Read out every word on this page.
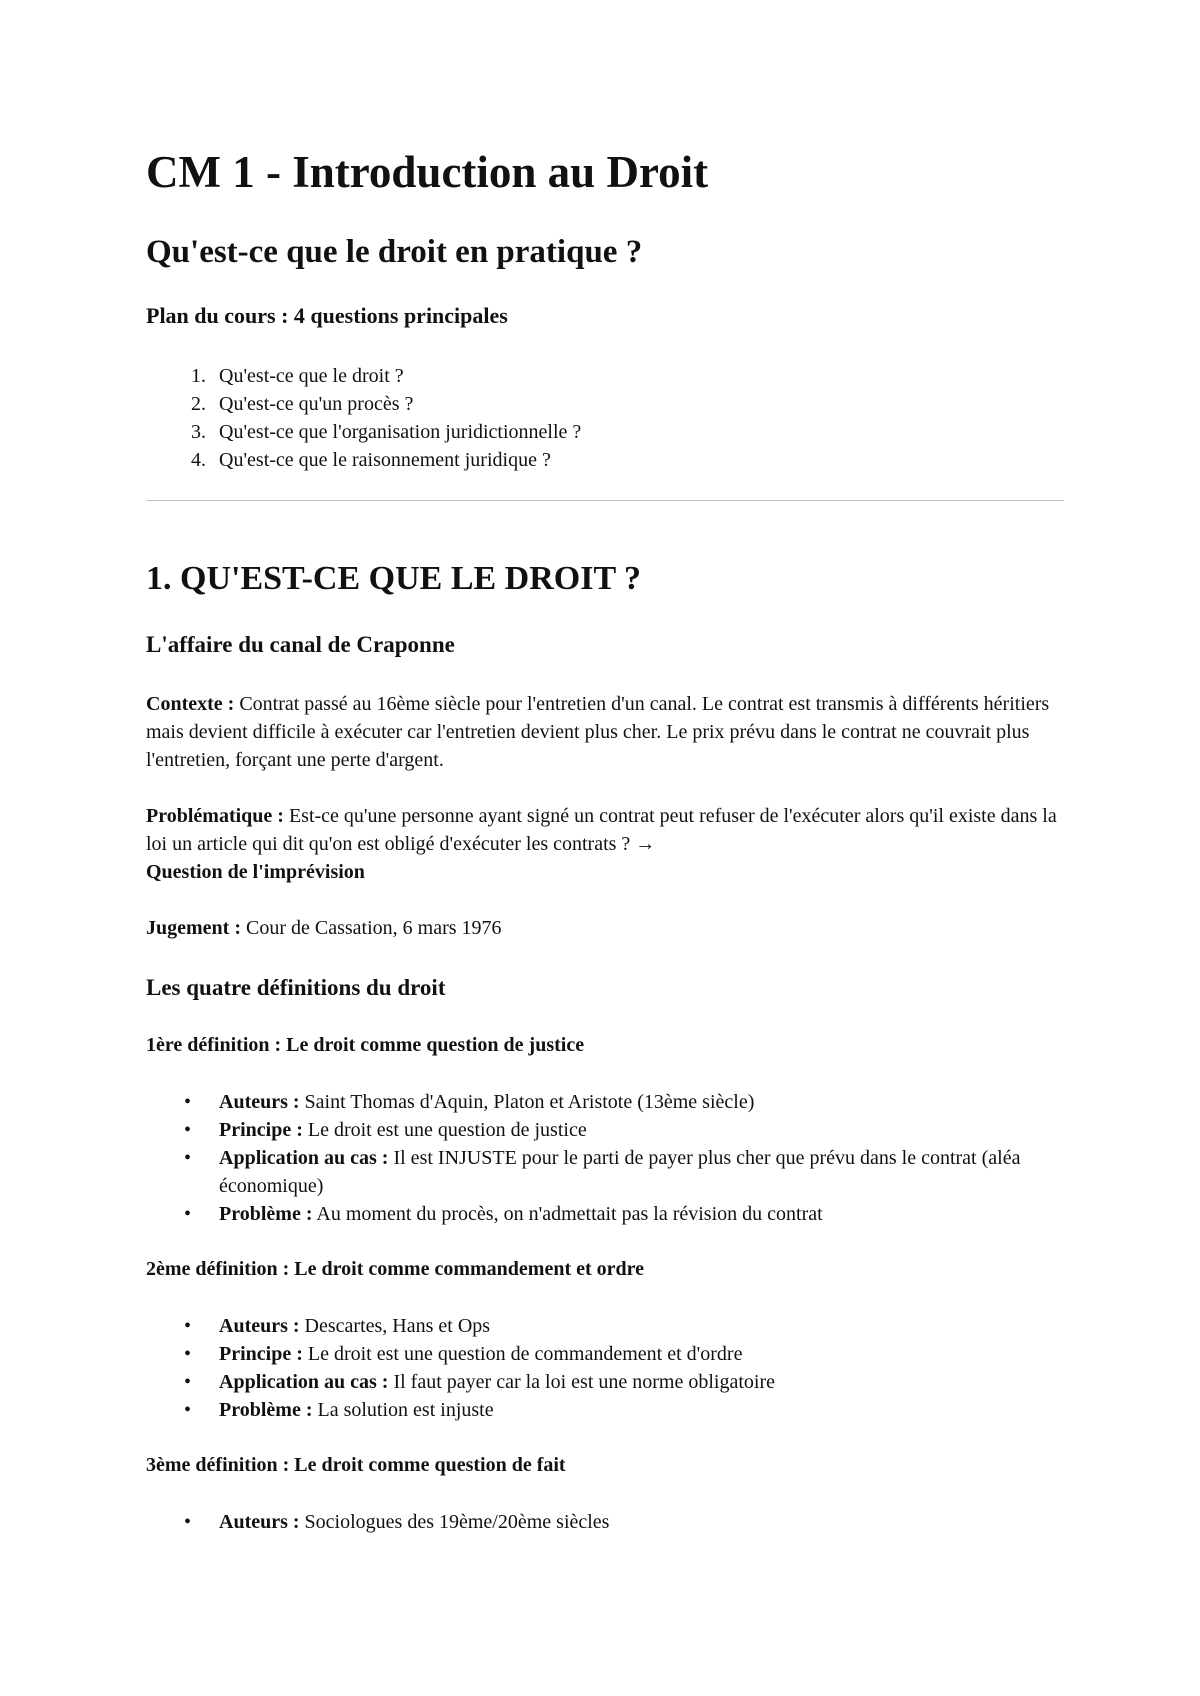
CM 1 - Introduction au Droit
Qu'est-ce que le droit en pratique ?
Plan du cours : 4 questions principales
1. Qu'est-ce que le droit ?
2. Qu'est-ce qu'un procès ?
3. Qu'est-ce que l'organisation juridictionnelle ?
4. Qu'est-ce que le raisonnement juridique ?
1. QU'EST-CE QUE LE DROIT ?
L'affaire du canal de Craponne

Contexte : Contrat passé au 16ème siècle pour l'entretien d'un canal. Le contrat est transmis à différents héritiers mais devient difficile à exécuter car l'entretien devient plus cher. Le prix prévu dans le contrat ne couvrait plus l'entretien, forçant une perte d'argent.

Problématique : Est-ce qu'une personne ayant signé un contrat peut refuser de l'exécuter alors qu'il existe dans la loi un article qui dit qu'on est obligé d'exécuter les contrats ? →
Question de l'imprévision

Jugement : Cour de Cassation, 6 mars 1976

Les quatre définitions du droit
1ère définition : Le droit comme question de justice
• Auteurs : Saint Thomas d'Aquin, Platon et Aristote (13ème siècle)
• Principe : Le droit est une question de justice
• Application au cas : Il est INJUSTE pour le parti de payer plus cher que prévu dans le contrat (aléa économique)
• Problème : Au moment du procès, on n'admettait pas la révision du contrat
2ème définition : Le droit comme commandement et ordre
• Auteurs : Descartes, Hans et Ops
• Principe : Le droit est une question de commandement et d'ordre
• Application au cas : Il faut payer car la loi est une norme obligatoire
• Problème : La solution est injuste
3ème définition : Le droit comme question de fait
• Auteurs : Sociologues des 19ème/20ème siècles
